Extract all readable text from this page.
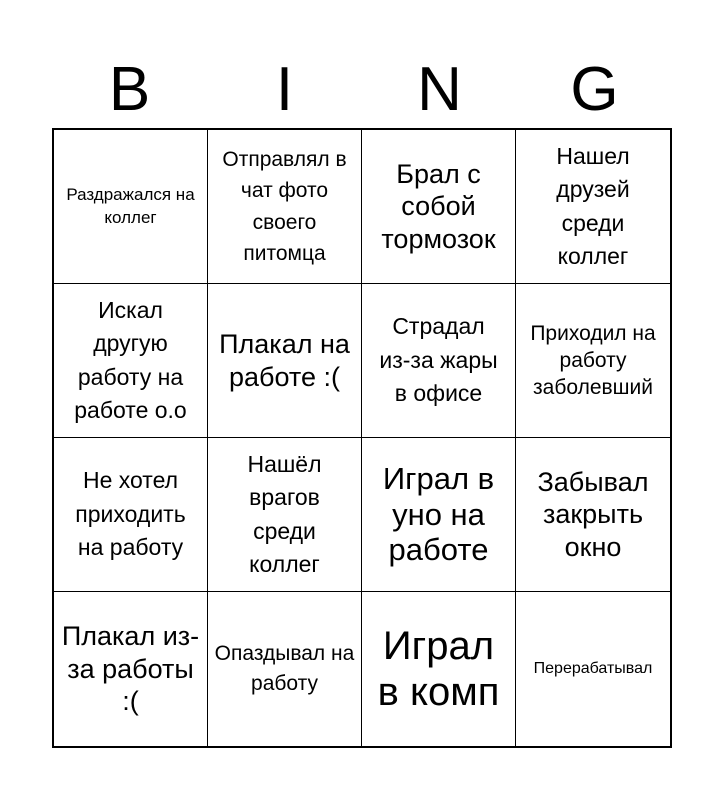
B	I	N	G
Раздражался на коллег
Отправлял в чат фото своего питомца
Брал с собой тормозок
Нашел друзей среди коллег
Искал другую работу на работе о.о
Плакал на работе :(
Страдал из-за жары в офисе
Приходил на работу заболевший
Не хотел приходить на работу
Нашёл врагов среди коллег
Играл в уно на работе
Забывал закрыть окно
Плакал из-за работы :(
Опаздывал на работу
Играл в комп
Перерабатывал
